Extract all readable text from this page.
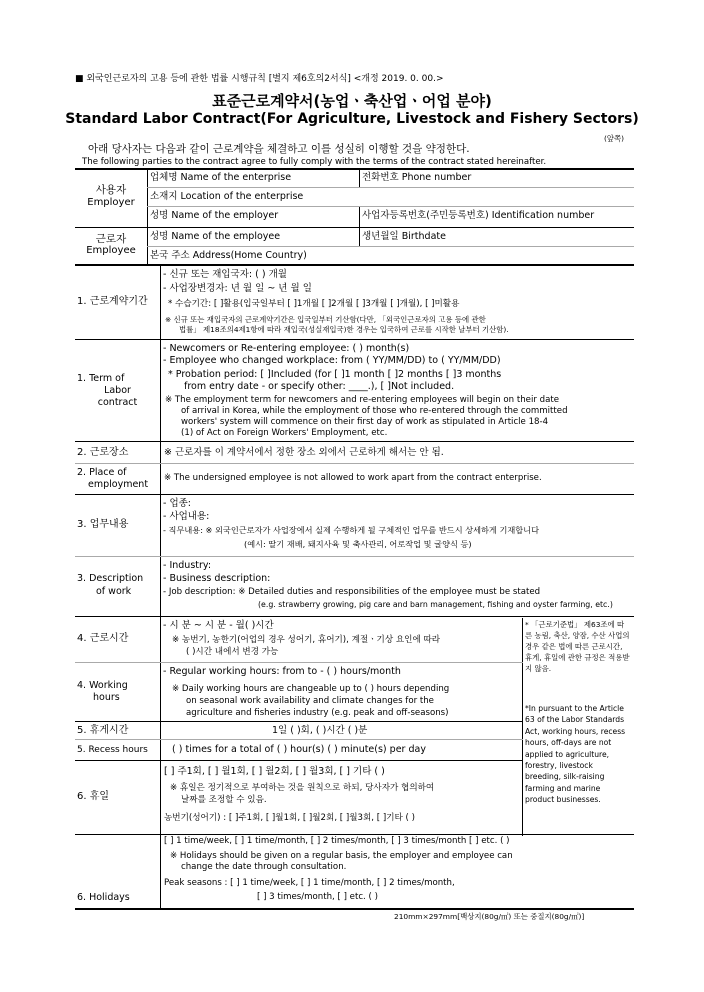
■ 외국인근로자의 고용 등에 관한 법률 시행규칙 [별지 제6호의2서식] <개정 2019. 0. 00.>
표준근로계약서(농업ㆍ축산업ㆍ어업 분야)
Standard Labor Contract(For Agriculture, Livestock and Fishery Sectors)
(앞쪽)
아래 당사자는 다음과 같이 근로계약을 체결하고 이를 성실히 이행할 것을 약정한다.
The following parties to the contract agree to fully comply with the terms of the contract stated hereinafter.
사용자
Employer
업체명 Name of the enterprise	전화번호 Phone number
소재지 Location of the enterprise
성명 Name of the employer	사업자등록번호(주민등록번호) Identification number
근로자
Employee
성명 Name of the employee	생년월일 Birthdate
본국 주소 Address(Home Country)
1. 근로계약기간
- 신규 또는 재입국자: ( ) 개월
- 사업장변경자: 년 월 일 ~ 년 월 일
* 수습기간: [ ]활용(입국일부터 [ ]1개월 [ ]2개월 [ ]3개월 [ ]개월), [ ]미활용
※ 신규 또는 재입국자의 근로계약기간은 입국일부터 기산함(다만, 「외국인근로자의 고용 등에 관한
법률」 제18조의4제1항에 따라 재입국(성실재입국)한 경우는 입국하여 근로를 시작한 날부터 기산함).
1. Term of
Labor
contract
- Newcomers or Re-entering employee: ( ) month(s)
- Employee who changed workplace: from ( YY/MM/DD) to ( YY/MM/DD)
* Probation period: [ ]Included (for [ ]1 month [ ]2 months [ ]3 months
from entry date - or specify other: ____.), [ ]Not included.
※ The employment term for newcomers and re-entering employees will begin on their date
of arrival in Korea, while the employment of those who re-entered through the committed
workers' system will commence on their first day of work as stipulated in Article 18-4
(1) of Act on Foreign Workers' Employment, etc.
2. 근로장소	※ 근로자를 이 계약서에서 정한 장소 외에서 근로하게 해서는 안 됨.
2. Place of
employment
※ The undersigned employee is not allowed to work apart from the contract enterprise.
3. 업무내용
- 업종:
- 사업내용:
- 직무내용: ※ 외국인근로자가 사업장에서 실제 수행하게 될 구체적인 업무를 반드시 상세하게 기재합니다
(예시: 딸기 재배, 돼지사육 및 축사관리, 어로작업 및 굴양식 등)
3. Description
of work
- Industry:
- Business description:
- Job description: ※ Detailed duties and responsibilities of the employee must be stated
(e.g. strawberry growing, pig care and barn management, fishing and oyster farming, etc.)
4. 근로시간
- 시 분 ~ 시 분 - 월( )시간
※ 농번기, 농한기(어업의 경우 성어기, 휴어기), 계절ㆍ기상 요인에 따라
( )시간 내에서 변경 가능
4. Working
hours
- Regular working hours: from to - ( ) hours/month
※ Daily working hours are changeable up to ( ) hours depending
on seasonal work availability and climate changes for the
agriculture and fisheries industry (e.g. peak and off-seasons)
5. 휴게시간	1일 ( )회, ( )시간 ( )분
5. Recess hours	( ) times for a total of ( ) hour(s) ( ) minute(s) per day
6. 휴일
[ ] 주1회, [ ] 월1회, [ ] 월2회, [ ] 월3회, [ ] 기타 ( )
※ 휴일은 정기적으로 부여하는 것을 원칙으로 하되, 당사자가 협의하여
날짜를 조정할 수 있음.
농번기(성어기) : [ ]주1회, [ ]월1회, [ ]월2회, [ ]월3회, [ ]기타 ( )
6. Holidays
[ ] 1 time/week, [ ] 1 time/month, [ ] 2 times/month, [ ] 3 times/month [ ] etc. ( )
※ Holidays should be given on a regular basis, the employer and employee can
change the date through consultation.
Peak seasons : [ ] 1 time/week, [ ] 1 time/month, [ ] 2 times/month,
[ ] 3 times/month, [ ] etc. ( )
* 「근로기준법」 제63조에 따른 농림, 축산, 양잠, 수산 사업의 경우 같은 법에 따른 근로시간, 휴게, 휴일에 관한 규정은 적용받지 않음.
*In pursuant to the Article 63 of the Labor Standards Act, working hours, recess hours, off-days are not applied to agriculture, forestry, livestock breeding, silk-raising farming and marine product businesses.
210mm×297mm[백상지(80g/㎡) 또는 중질지(80g/㎡)]
